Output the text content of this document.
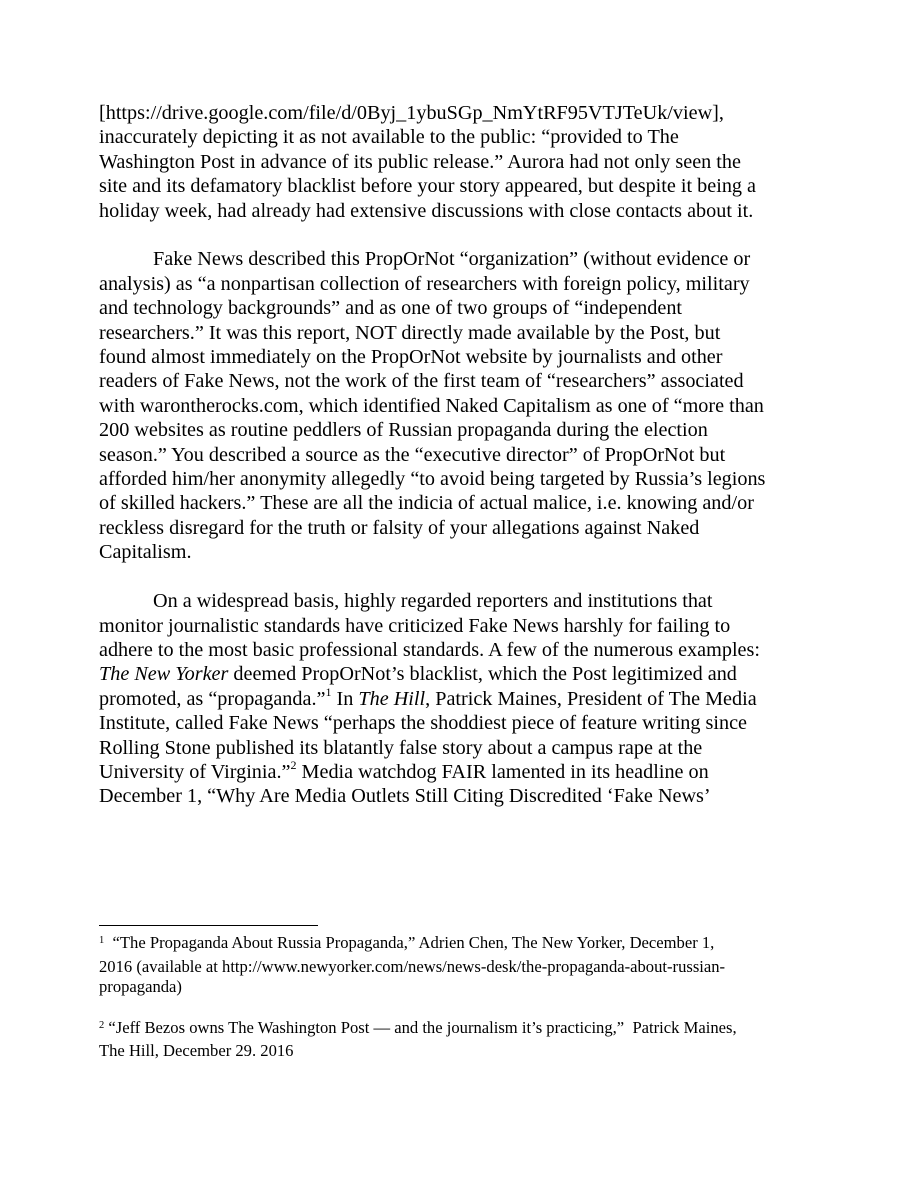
[https://drive.google.com/file/d/0Byj_1ybuSGp_NmYtRF95VTJTeUk/view],
inaccurately depicting it as not available to the public: “provided to The
Washington Post in advance of its public release.” Aurora had not only seen the
site and its defamatory blacklist before your story appeared, but despite it being a
holiday week, had already had extensive discussions with close contacts about it.
Fake News described this PropOrNot “organization” (without evidence or
analysis) as “a nonpartisan collection of researchers with foreign policy, military
and technology backgrounds” and as one of two groups of “independent
researchers.” It was this report, NOT directly made available by the Post, but
found almost immediately on the PropOrNot website by journalists and other
readers of Fake News, not the work of the first team of “researchers” associated
with warontherocks.com, which identified Naked Capitalism as one of “more than
200 websites as routine peddlers of Russian propaganda during the election
season.” You described a source as the “executive director” of PropOrNot but
afforded him/her anonymity allegedly “to avoid being targeted by Russia’s legions
of skilled hackers.” These are all the indicia of actual malice, i.e. knowing and/or
reckless disregard for the truth or falsity of your allegations against Naked
Capitalism.
On a widespread basis, highly regarded reporters and institutions that
monitor journalistic standards have criticized Fake News harshly for failing to
adhere to the most basic professional standards. A few of the numerous examples:
The New Yorker deemed PropOrNot’s blacklist, which the Post legitimized and
promoted, as “propaganda.”$^1$ In The Hill, Patrick Maines, President of The Media
Institute, called Fake News “perhaps the shoddiest piece of feature writing since
Rolling Stone published its blatantly false story about a campus rape at the
University of Virginia.”$^2$ Media watchdog FAIR lamented in its headline on
December 1, “Why Are Media Outlets Still Citing Discredited ‘Fake News’
$^1$  “The Propaganda About Russia Propaganda,” Adrien Chen, The New Yorker, December 1,
2016 (available at http://www.newyorker.com/news/news-desk/the-propaganda-about-russian-
propaganda)
$^2$ “Jeff Bezos owns The Washington Post — and the journalism it’s practicing,”  Patrick Maines,
The Hill, December 29. 2016
